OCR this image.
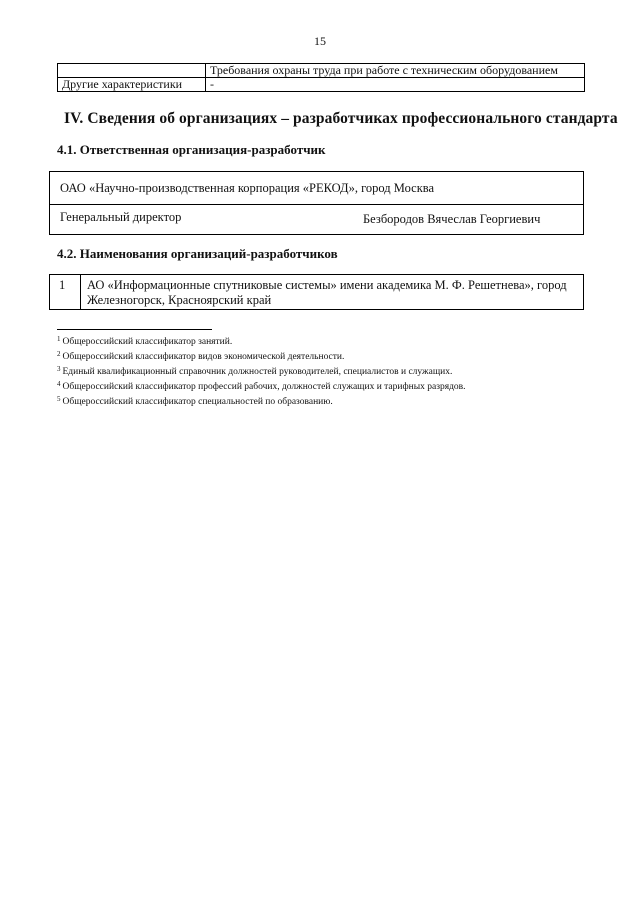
15
	Требования охраны труда при работе с техническим оборудованием
Другие характеристики	-
IV. Сведения об организациях – разработчиках профессионального стандарта
4.1. Ответственная организация-разработчик
ОАО «Научно-производственная корпорация «РЕКОД», город Москва
Генеральный директор	Безбородов Вячеслав Георгиевич
4.2. Наименования организаций-разработчиков
1 АО «Информационные спутниковые системы» имени академика М. Ф. Решетнева», город Железногорск, Красноярский край
$^1$ Общероссийский классификатор занятий.
$^2$ Общероссийский классификатор видов экономической деятельности.
$^3$ Единый квалификационный справочник должностей руководителей, специалистов и служащих.
$^4$ Общероссийский классификатор профессий рабочих, должностей служащих и тарифных разрядов.
$^5$ Общероссийский классификатор специальностей по образованию.
